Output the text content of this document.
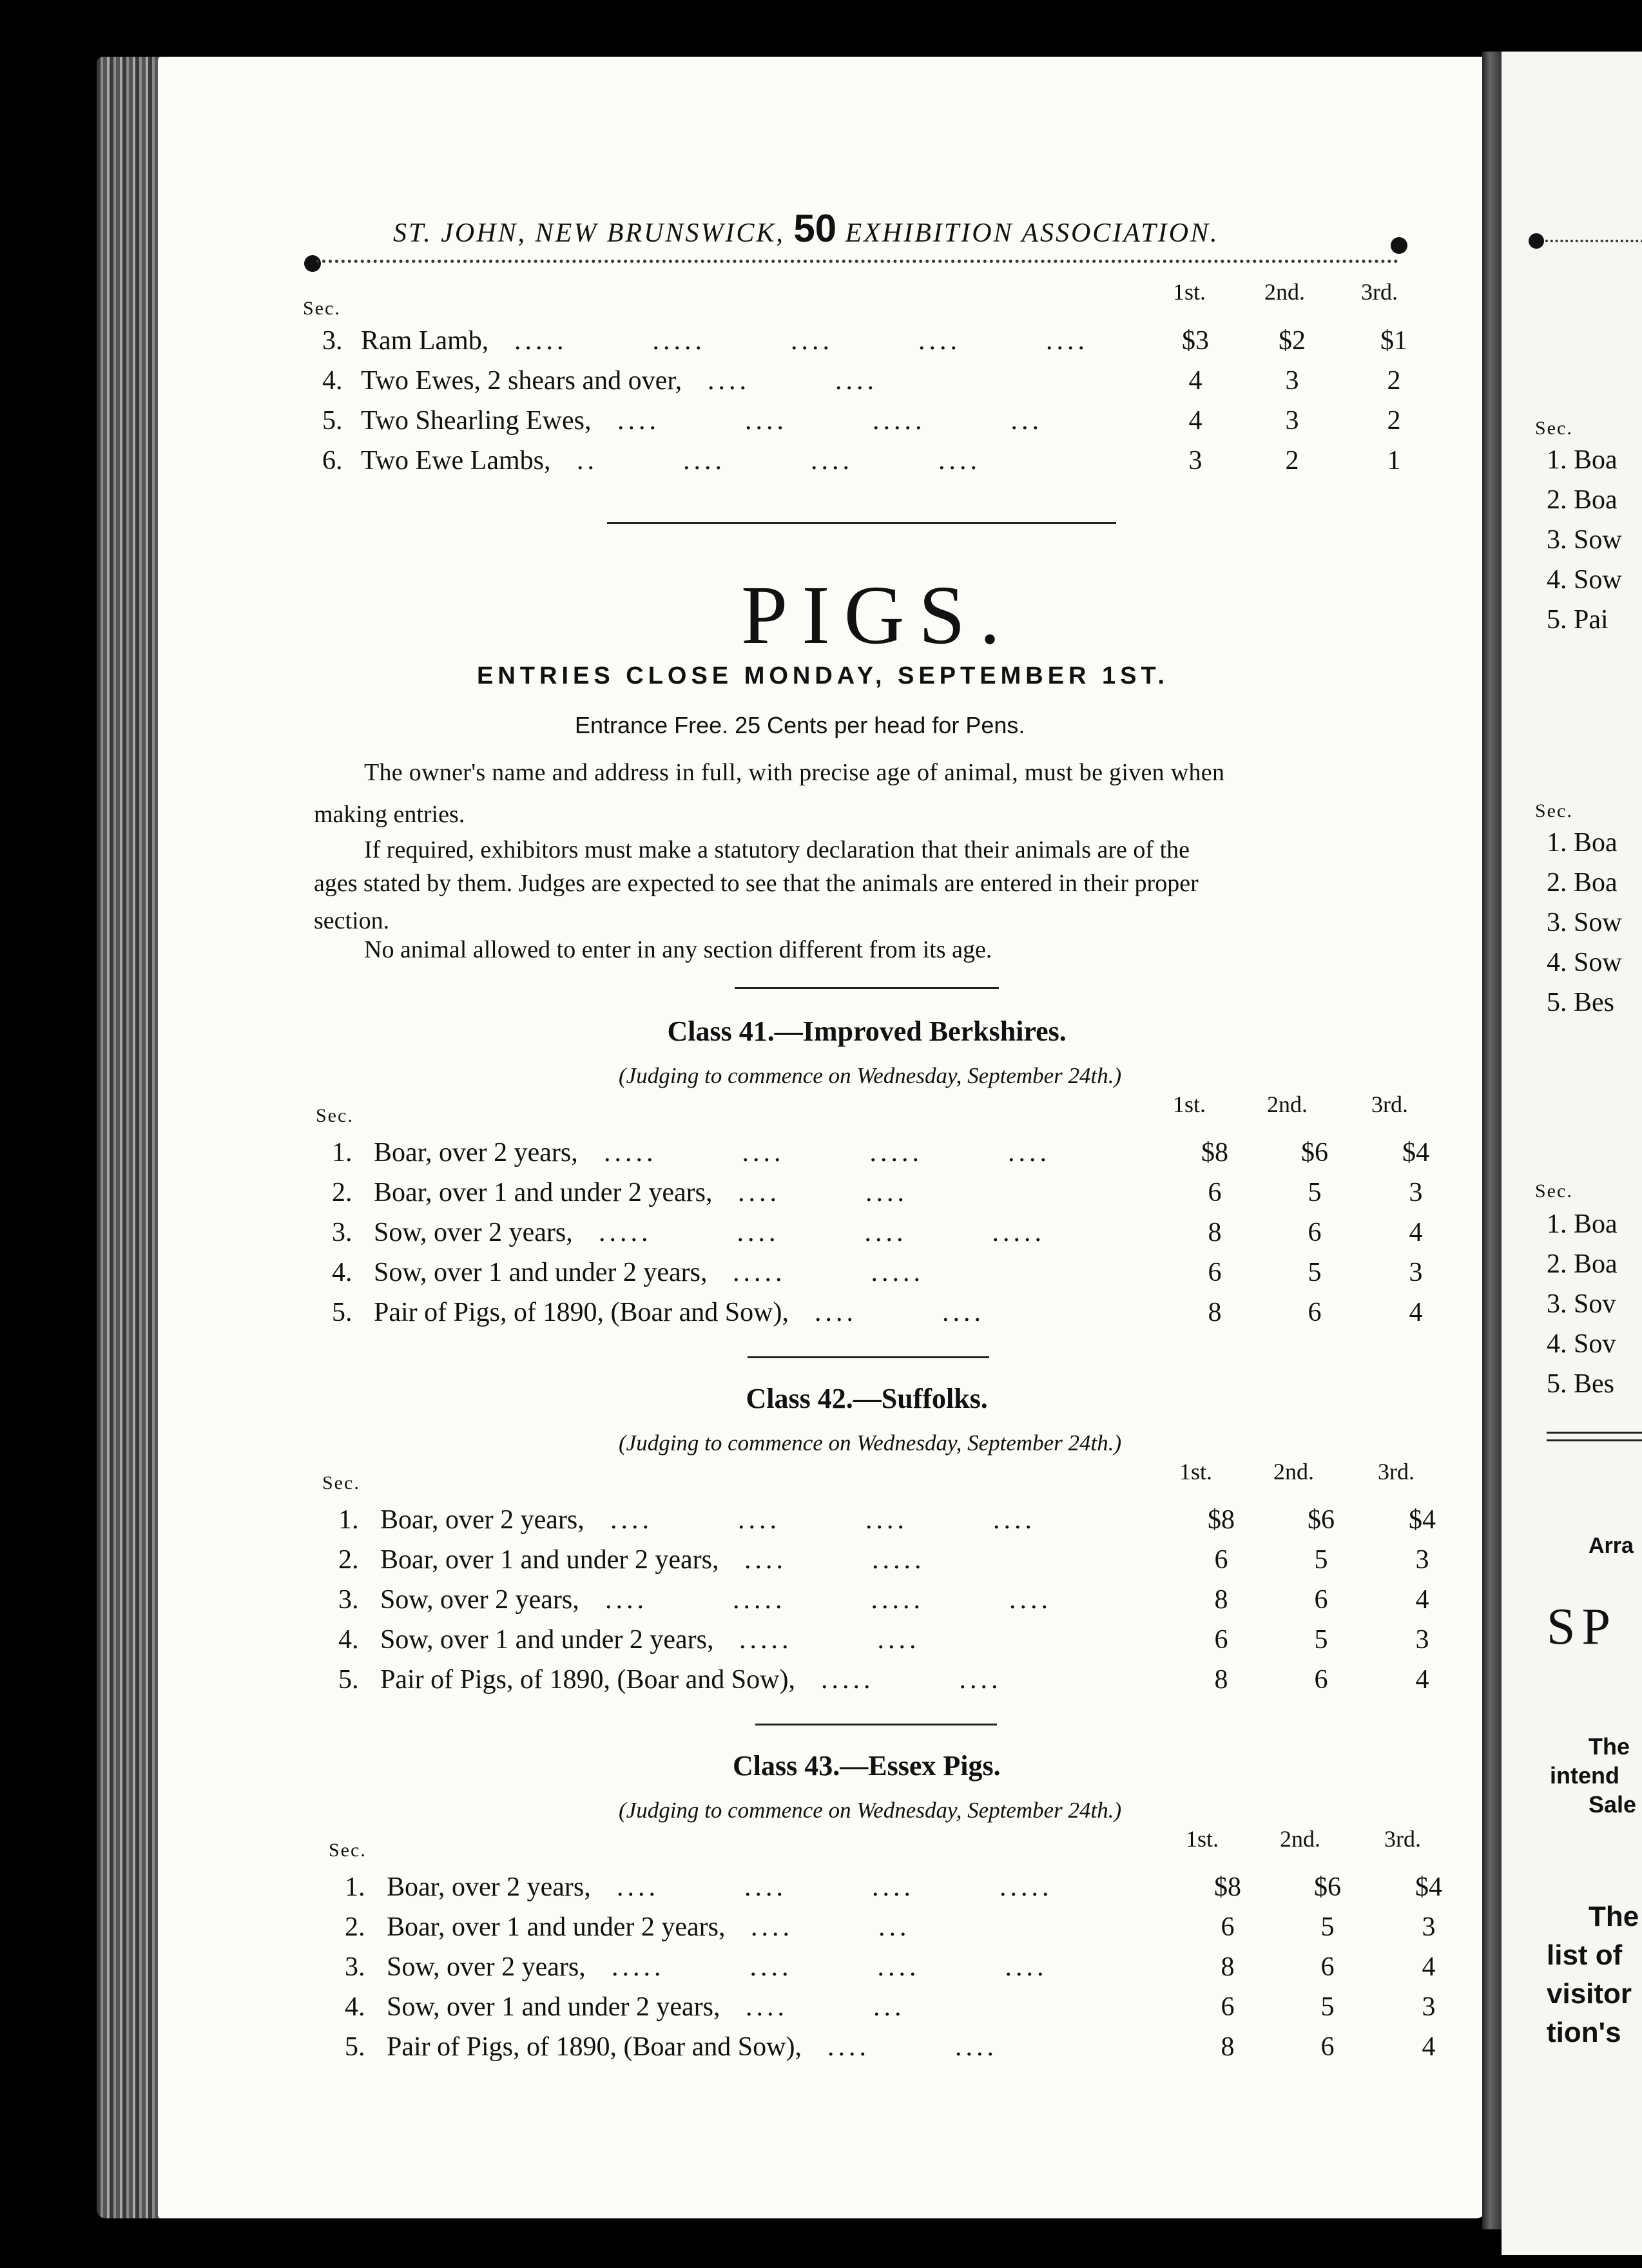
Sec.
1. Boa
2. Boa
3. Sow
4. Sow
5. Pai
Sec.
1. Boa
2. Boa
3. Sow
4. Sow
5. Bes
Sec.
1. Boa
2. Boa
3. Sov
4. Sov
5. Bes
Arra
SP
The
intend
Sale
The
list of
visitor
tion's
ST. JOHN, NEW BRUNSWICK, 50 EXHIBITION ASSOCIATION.
Sec.
1st.	2nd. 3rd.
3. Ram Lamb, .....        .....        ....        ....        ....	$3	$2	$1
4. Two Ewes, 2 shears and over, ....        ....	4	3	2
5. Two Shearling Ewes, ....        ....        .....        ...	4	3	2
6. Two Ewe Lambs, ..        ....        ....        ....	3	2	1
PIGS.
ENTRIES CLOSE MONDAY, SEPTEMBER 1ST.
Entrance Free. 25 Cents per head for Pens.
The owner's name and address in full, with precise age of animal, must be given when
making entries.
If required, exhibitors must make a statutory declaration that their animals are of the
ages stated by them. Judges are expected to see that the animals are entered in their proper
section.
No animal allowed to enter in any section different from its age.
Class 41.—Improved Berkshires.
(Judging to commence on Wednesday, September 24th.)
Sec.	1st.	2nd.	3rd.
1. Boar, over 2 years, .....        ....        .....        ....	$8	$6	$4
2. Boar, over 1 and under 2 years, ....        ....	6	5	3
3. Sow, over 2 years, .....        ....        ....        .....	8	6	4
4. Sow, over 1 and under 2 years, .....        .....	6	5	3
5. Pair of Pigs, of 1890, (Boar and Sow), ....        ....	8	6	4
Class 42.—Suffolks.
(Judging to commence on Wednesday, September 24th.)
Sec.	1st.	2nd.	3rd.
1. Boar, over 2 years, ....        ....        ....        ....	$8	$6	$4
2. Boar, over 1 and under 2 years, ....        .....	6	5	3
3. Sow, over 2 years, ....        .....        .....        ....	8	6	4
4. Sow, over 1 and under 2 years, .....        ....	6	5	3
5. Pair of Pigs, of 1890, (Boar and Sow), .....        ....	8	6	4
Class 43.—Essex Pigs.
(Judging to commence on Wednesday, September 24th.)
Sec.	1st.	2nd.	3rd.
1. Boar, over 2 years, ....        ....        ....        .....	$8	$6	$4
2. Boar, over 1 and under 2 years, ....        ...	6	5	3
3. Sow, over 2 years, .....        ....        ....        ....	8	6	4
4. Sow, over 1 and under 2 years, ....        ...	6	5	3
5. Pair of Pigs, of 1890, (Boar and Sow), ....        ....	8	6	4
